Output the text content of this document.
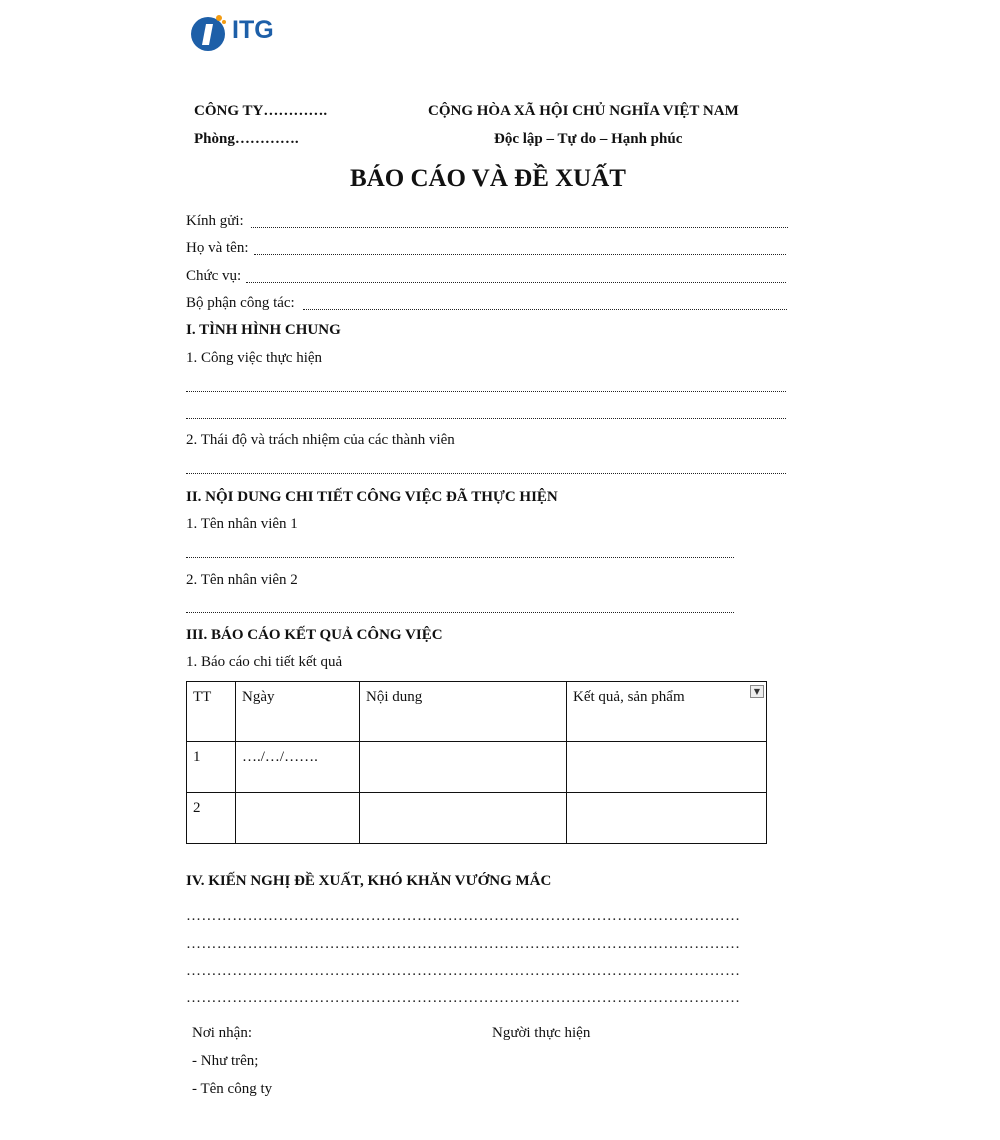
ITG
CÔNG TY………….
Phòng………….
CỘNG HÒA XÃ HỘI CHỦ NGHĨA VIỆT NAM
Độc lập – Tự do – Hạnh phúc
BÁO CÁO VÀ ĐỀ XUẤT
Kính gửi:
Họ và tên:
Chức vụ:
Bộ phận công tác:
I. TÌNH HÌNH CHUNG
1. Công việc thực hiện
2. Thái độ và trách nhiệm của các thành viên
II. NỘI DUNG CHI TIẾT CÔNG VIỆC ĐÃ THỰC HIỆN
1. Tên nhân viên 1
2. Tên nhân viên 2
III. BÁO CÁO KẾT QUẢ CÔNG VIỆC
1. Báo cáo chi tiết kết quả
TT	Ngày	Nội dung	Kết quả, sản phẩm ▼

1	…./…/…….		
2			
IV. KIẾN NGHỊ ĐỀ XUẤT, KHÓ KHĂN VƯỚNG MẮC
………………………………………………………………………………………………
………………………………………………………………………………………………
………………………………………………………………………………………………
………………………………………………………………………………………………
Nơi nhận:
- Như trên;
- Tên công ty
Người thực hiện
